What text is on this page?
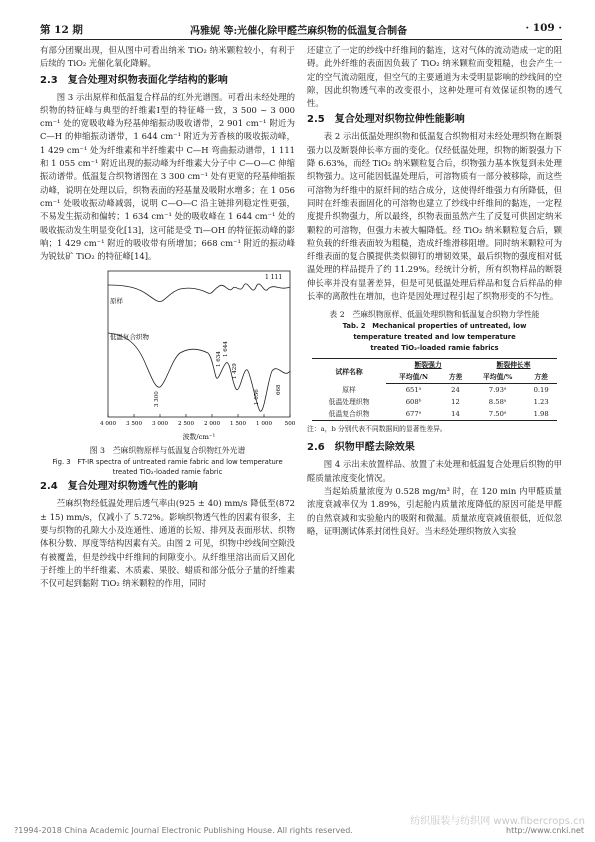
第 12 期	冯雅妮 等:光催化除甲醛苎麻织物的低温复合制备	· 109 ·

有部分团聚出现，但从图中可看出纳米 TiO₂ 纳米颗粒较小，有利于后续的 TiO₂ 光催化氧化降解。

2.3　复合处理对织物表面化学结构的影响

图 3 示出原样和低温复合样品的红外光谱图。可看出未经处理的织物的特征峰与典型的纤维素Ⅰ型的特征峰一致，3 500 ~ 3 000 cm⁻¹ 处的宽吸收峰为羟基伸缩振动吸收谱带，2 901 cm⁻¹ 附近为 C—H 的伸缩振动谱带，1 644 cm⁻¹ 附近为芳香核的吸收振动峰，1 429 cm⁻¹ 处为纤维素和半纤维素中 C—H 弯曲振动谱带，1 111 和 1 055 cm⁻¹ 附近出现的振动峰为纤维素大分子中 C—O—C 伸缩振动谱带。低温复合织物谱图在 3 300 cm⁻¹ 处有更宽的羟基伸缩振动峰，说明在处理以后，织物表面的羟基量及吸附水增多；在 1 056 cm⁻¹ 处吸收振动峰减弱，说明 C—O—C 沿主链排列稳定性更强，不易发生振动和偏转；1 634 cm⁻¹ 处的吸收峰在 1 644 cm⁻¹ 处的吸收振动发生明显变化[13]，这可能是受 Ti—OH 的特征振动峰的影响；1 429 cm⁻¹ 附近的吸收带有所增加；668 cm⁻¹ 附近的振动峰为锐钛矿 TiO₂ 的特征峰[14]。

原样
低温复合织物
1 111
1 429
1 634
1 644
1 056	668
3 300
4 000 3 500 3 000 2 500 2 000 1 500 1 000 500
波数/cm⁻¹
图 3　苎麻织物原样与低温复合织物红外光谱
Fig. 3　FT-IR spectra of untreated ramie fabric and low temperature treated TiO₂-loaded ramie fabric
2.4　复合处理对织物透气性的影响

苎麻织物经低温处理后透气率由(925 ± 40) mm/s 降低至(872 ± 15) mm/s，仅减小了 5.72%。影响织物透气性的因素有很多，主要与织物的孔隙大小及连通性、通道的长短、排列及表面形状、织物体积分数、厚度等结构因素有关。由图 2 可见，织物中纱线间空隙没有被覆盖，但是纱线中纤维间的间隙变小。从纤维里溶出而后又固化于纤维上的半纤维素、木质素、果胶、蜡质和部分低分子量的纤维素不仅可起到黏附 TiO₂ 纳米颗粒的作用，同时

还建立了一定的纱线中纤维间的黏连，这对气体的流动造成一定的阻碍。此外纤维的表面因负载了 TiO₂ 纳米颗粒而变粗糙，也会产生一定的空气流动阻度，但空气的主要通道为未受明显影响的纱线间的空隙，因此织物透气率的改变很小，这种处理可有效保证织物的透气性。

2.5　复合处理对织物拉伸性能影响

表 2 示出低温处理织物和低温复合织物相对未经处理织物在断裂强力以及断裂伸长率方面的变化。仅经低温处理，织物的断裂强力下降 6.63%，而经 TiO₂ 纳米颗粒复合后，织物强力基本恢复到未处理织物强力。这可能因低温处理后，可溶物质有一部分被移除，而这些可溶物为纤维中的原纤间的结合成分，这使得纤维强力有所降低，但同时在纤维表面固化的可溶物也建立了纱线中纤维间的黏连，一定程度提升织物强力，所以最终，织物表面虽然产生了反复可供固定纳米颗粒的可溶物，但强力未被大幅降低。经 TiO₂ 纳米颗粒复合后，颗粒负载的纤维表面较为粗糙，造成纤维滑移阻增。同时纳米颗粒可为纤维表面的复合膜提供类似铆钉的增韧效果，最后织物的强度相对低温处理的样品提升了约 11.29%。经统计分析，所有织物样品的断裂伸长率并没有显著差异，但是可见低温处理后样品和复合后样品的伸长率的离散性在增加，也许是因处理过程引起了织物形变的不匀性。

表 2　苎麻织物原样、低温处理织物和低温复合织物力学性能
Tab. 2　Mechanical properties of untreated, low
temperature treated and low temperature
treated TiO₂-loaded ramie fabrics
试样名称	断裂强力		断裂伸长率	
	平均值/N	方差	平均值/%	方差
原样	651ᵃ	24	7.93ᵃ	0.19
低温处理织物	608ᵇ	12	8.58ᵃ	1.23
低温复合织物	677ᵃ	14	7.50ᵃ	1.98
注：a，b 分别代表不同数据间的显著性差异。
2.6　织物甲醛去除效果

图 4 示出未放置样品、放置了未处理和低温复合处理后织物的甲醛质量浓度变化情况。

当起始质量浓度为 0.528 mg/m³ 时，在 120 min 内甲醛质量浓度衰减率仅为 1.89%，引起舱内质量浓度降低的原因可能是甲醛的自然衰减和实验舱内的吸附和微漏。质量浓度衰减值很低，近似忽略，证明测试体系封闭性良好。当未经处理织物放入实验

纺织服装与纺织网 www.fibercrops.cn
?1994-2018 China Academic Journal Electronic Publishing House. All rights reserved.	http://www.cnki.net
